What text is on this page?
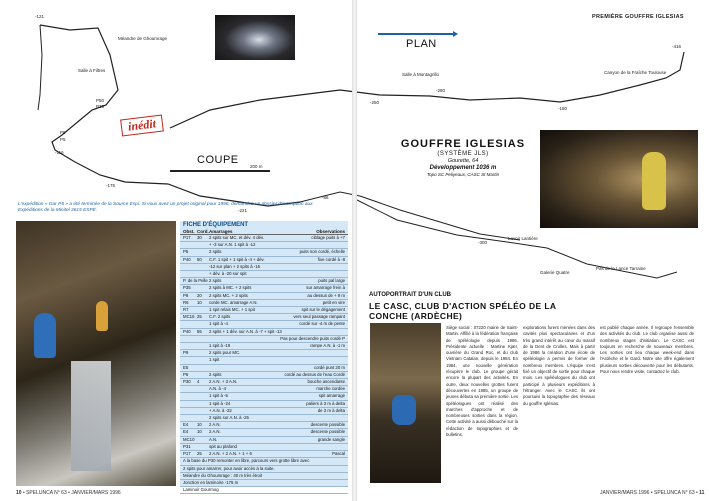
PREMIÈRE GOUFFRE IGLESIAS
-121
-116
-175
-221
-250
-300
-416
-180
-86
-280
Salle à Filtres
Méandre de Ghoumrage
P50
P35
P8
P5
Salle à Montagrillo	Canyon de la Fraîche Toulouse
Pas de la Lance Tarraine
Galerie Quatre
Lavoir Lantière
inédit
COUPE
200 m
PLAN
L'expédition « Gar P5 » a été terminée de la Source Espi. Si vous avez un projet original pour 1996, demandez un dossier d'inscription aux Expéditions de la Minitel 3615 EXPÉ.
FICHE D'ÉQUIPEMENT
Obst. Cord. Amarrages	Observations
P17	30	2 spits sur MC. et dév. 4 dév.	ciblage puits à +7
+ -3 sur A.N. 1 spit à -12
P5	2 spits	puits non cordé, échelle
P40	50	C.F. 1 spit + 1 spit à -4 + dév.	fixe cordé à -8
-12 sur plan + 2 spits à -15
+ dév. à -20 sur spit
P. de la Pelle 2 spits	puits pal large
P35	2 spits à MC. + 2 spits	sur amarrage frein à
P8	20	2 spits MC. + 2 spits	au dessus de + 9 m
R6	10	corde MC. amarrage A.N.	petit en vire
R7	1 spit relais MC. + 1 spit	spit sur le dégagement
MC15 25	C.F. 2 spits	vers seul passage rampant
1 spit à -4	cordé sur -4 m de pente
P40	55	2 spits + 1 dév. sur A.N. à -7 + spit -13
Pas pour descendre puits cordé P
1 spit à -19	rampe A.N. à -1 m
P9	2 spits pour MC.
1 spit
E5	cordé punt 20 m
P5	2 spits	cordé au dessus de l'eau Cordé
P30	4	2 A.N. + 3 A.N.	bouche ascendante
A.N. à -4	marche cordée
1 spit à -5	spit amarrage
1 spit à -24	paliers à 3 m à delta
+ A.N. à -32	de 3 m à delta
2 spits sur A.N. à -25
E4	10	2 A.N.	descente possible
E4	10	2 A.N.	descente possible
MC10	A.N.	grande sangle
P31	spit au plafond
P17	25	2 A.N. + 2 A.N. + 1 + 6	Pascal
A la base du P30 remonter en libre, parcours vers grotte libre avec
2 spits pour amarrer, pour avoir accès à la suite.
Méandre du Ghoumrage : 40 m très étroit
Jonction en laminoire -175 m
Laminoir Gourmog
GOUFFRE IGLESIAS
(SYSTÈME JLS)
Gourette, 64
Développement 1036 m
Topo SC Peliyeaux, CASC St Martin
AUTOPORTRAIT D'UN CLUB
LE CASC, CLUB D'ACTION SPÉLÉO DE LA CONCHE (ARDÈCHE)
Siège social : 07220 mairie de Saint-Martin. Affilié à la fédération française de spéléologie depuis 1986. Présidente actuelle : Martine Kjær, ouvrière du Grand Roc, et du club Vietnam Catalan, depuis le 1984. En 1984, une nouvelle génération récupère le club. Le groupe gérait encore la plupart des activités. En outre, deux nouvelles grottes furent découvertes en 1985, un groupe de jeunes débuta sa première sortie. Les spéléologues ont réalisé des marches d'approche et de nombreuses sorties dans la région. Cette activité a aussi débouché sur la rédaction de topographies et de bulletins.
explorations furent menées dans des cavités plus spectaculaires et d'un très grand intérêt au cœur du massif de la Dent de Crolles. Mais à partir de 1986 la création d'une école de spéléologie a permis de former de nombreux membres. L'équipe s'est fixé un objectif de sortie pour chaque mois. Les spéléologues du club ont participé à plusieurs expéditions à l'étranger. Avec le CASC ils ont poursuivi la topographie des réseaux du gouffre Iglésias.
est publié chaque année. Il regroupe l'ensemble des activités du club. Le club organise aussi de nombreux stages d'initiation. Le CASC est toujours en recherche de nouveaux membres. Les sorties ont lieu chaque week-end dans l'Ardèche et le Gard. Notre site offre également plusieurs sorties découverte pour les débutants. Pour nous rendre visite, contactez le club.
10 • SPELUNCA N° 63 • JANVIER/MARS 1996	JANVIER/MARS 1996 • SPELUNCA N° 63 • 11
